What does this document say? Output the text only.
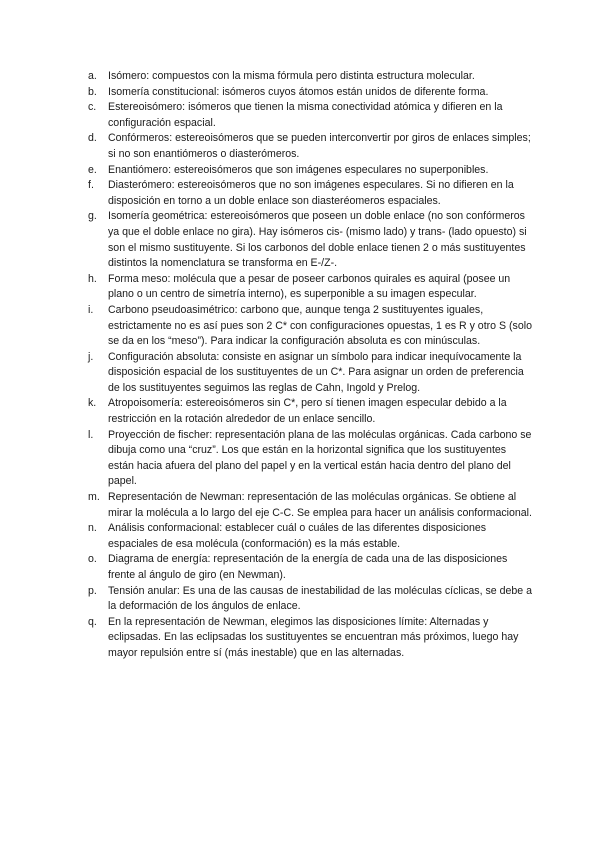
a.	Isómero: compuestos con la misma fórmula pero distinta estructura molecular.
b.	Isomería constitucional: isómeros cuyos átomos están unidos de diferente forma.
c.	Estereoisómero: isómeros que tienen la misma conectividad atómica y difieren en la configuración espacial.
d.	Confórmeros: estereoisómeros que se pueden interconvertir por giros de enlaces simples; si no son enantiómeros o diasterómeros.
e.	Enantiómero: estereoisómeros que son imágenes especulares no superponibles.
f.	Diasterómero: estereoisómeros que no son imágenes especulares. Si no difieren en la disposición en torno a un doble enlace son diasteréomeros espaciales.
g.	Isomería geométrica: estereoisómeros que poseen un doble enlace (no son confórmeros ya que el doble enlace no gira). Hay isómeros cis- (mismo lado) y trans- (lado opuesto) si son el mismo sustituyente. Si los carbonos del doble enlace tienen 2 o más sustituyentes distintos la nomenclatura se transforma en E-/Z-.
h.	Forma meso: molécula que a pesar de poseer carbonos quirales es aquiral (posee un plano o un centro de simetría interno), es superponible a su imagen especular.
i.	Carbono pseudoasimétrico: carbono que, aunque tenga 2 sustituyentes iguales, estrictamente no es así pues son 2 C* con configuraciones opuestas, 1 es R y otro S (solo se da en los “meso”). Para indicar la configuración absoluta es con minúsculas.
j.	Configuración absoluta: consiste en asignar un símbolo para indicar inequívocamente la disposición espacial de los sustituyentes de un C*. Para asignar un orden de preferencia de los sustituyentes seguimos las reglas de Cahn, Ingold y Prelog.
k.	Atropoisomería: estereoisómeros sin C*, pero sí tienen imagen especular debido a la restricción en la rotación alrededor de un enlace sencillo.
l.	Proyección de fischer: representación plana de las moléculas orgánicas. Cada carbono se dibuja como una “cruz”. Los que están en la horizontal significa que los sustituyentes están hacia afuera del plano del papel y en la vertical están hacia dentro del plano del papel.
m. Representación de Newman: representación de las moléculas orgánicas. Se obtiene al mirar la molécula a lo largo del eje C-C. Se emplea para hacer un análisis conformacional.
n.	Análisis conformacional: establecer cuál o cuáles de las diferentes disposiciones espaciales de esa molécula (conformación) es la más estable.
o.	Diagrama de energía: representación de la energía de cada una de las disposiciones frente al ángulo de giro (en Newman).
p.	Tensión anular: Es una de las causas de inestabilidad de las moléculas cíclicas, se debe a la deformación de los ángulos de enlace.
q.	En la representación de Newman, elegimos las disposiciones límite: Alternadas y eclipsadas. En las eclipsadas los sustituyentes se encuentran más próximos, luego hay mayor repulsión entre sí (más inestable) que en las alternadas.
